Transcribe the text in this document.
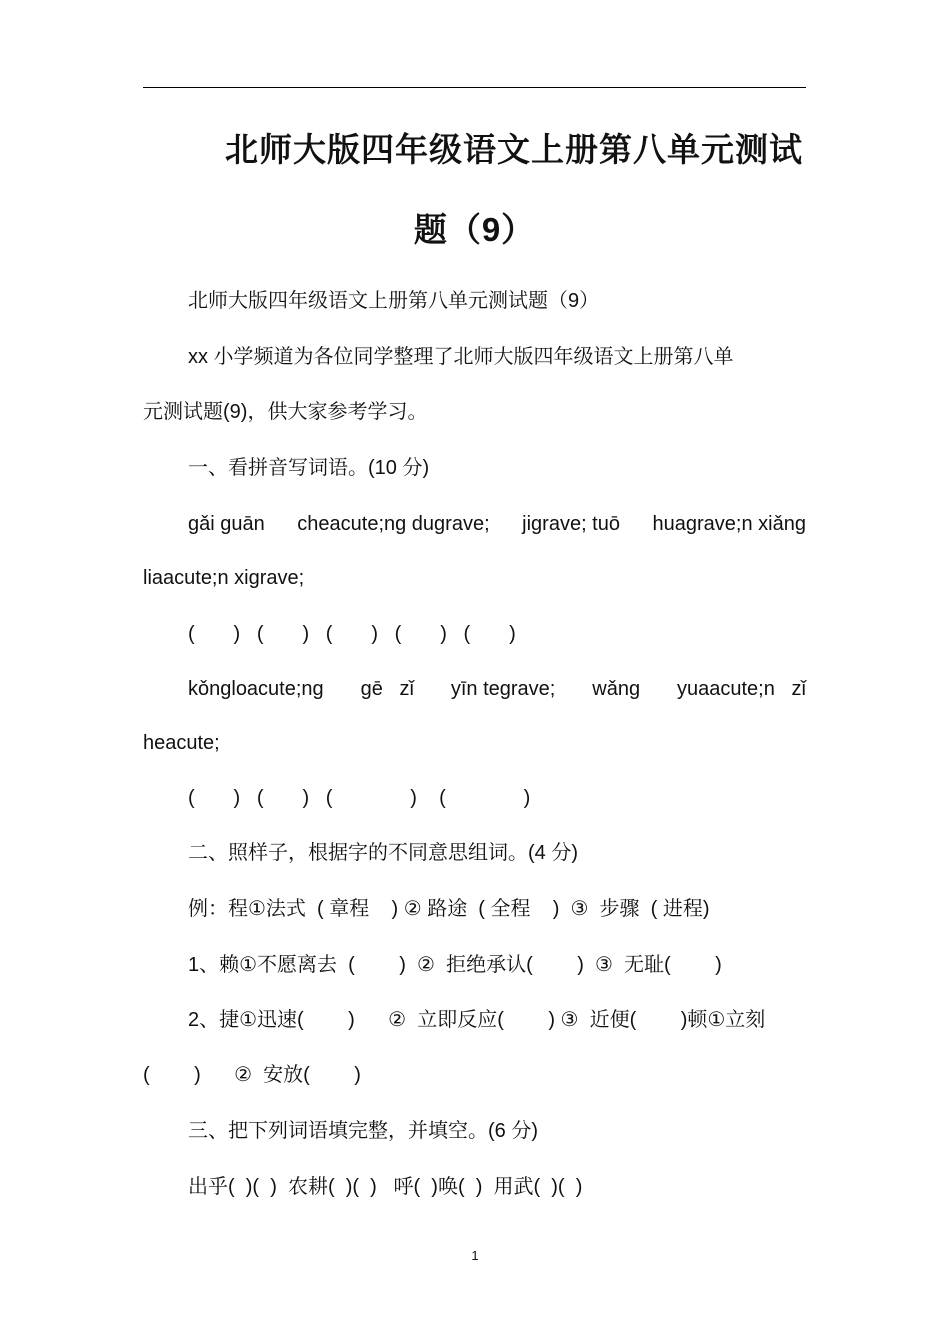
北师大版四年级语文上册第八单元测试
题（9）
北师大版四年级语文上册第八单元测试题（9）
xx 小学频道为各位同学整理了北师大版四年级语文上册第八单
元测试题(9)，供大家参考学习。
一、看拼音写词语。(10 分)
gǎi guān cheacute;ng dugrave; jigrave; tuō huagrave;n xiǎng
liaacute;n xigrave;
(       )   (       )   (       )   (       )   (       )
kǒngloacute;ng gē   zǐ yīn tegrave; wǎng yuaacute;n   zǐ
heacute;
(       )   (       )   (              )    (              )
二、照样子，根据字的不同意思组词。(4 分)
例：程①法式  ( 章程    ) ② 路途  ( 全程    )  ③  步骤  ( 进程)
1、赖①不愿离去  (        )  ②  拒绝承认(        )  ③  无耻(        )
2、捷①迅速(        )      ②  立即反应(        ) ③  近便(        )顿①立刻
(        )      ②  安放(        )
三、把下列词语填完整，并填空。(6 分)
出乎(  )(  )  农耕(  )(  )   呼(  )唤(  )  用武(  )(  )
1
